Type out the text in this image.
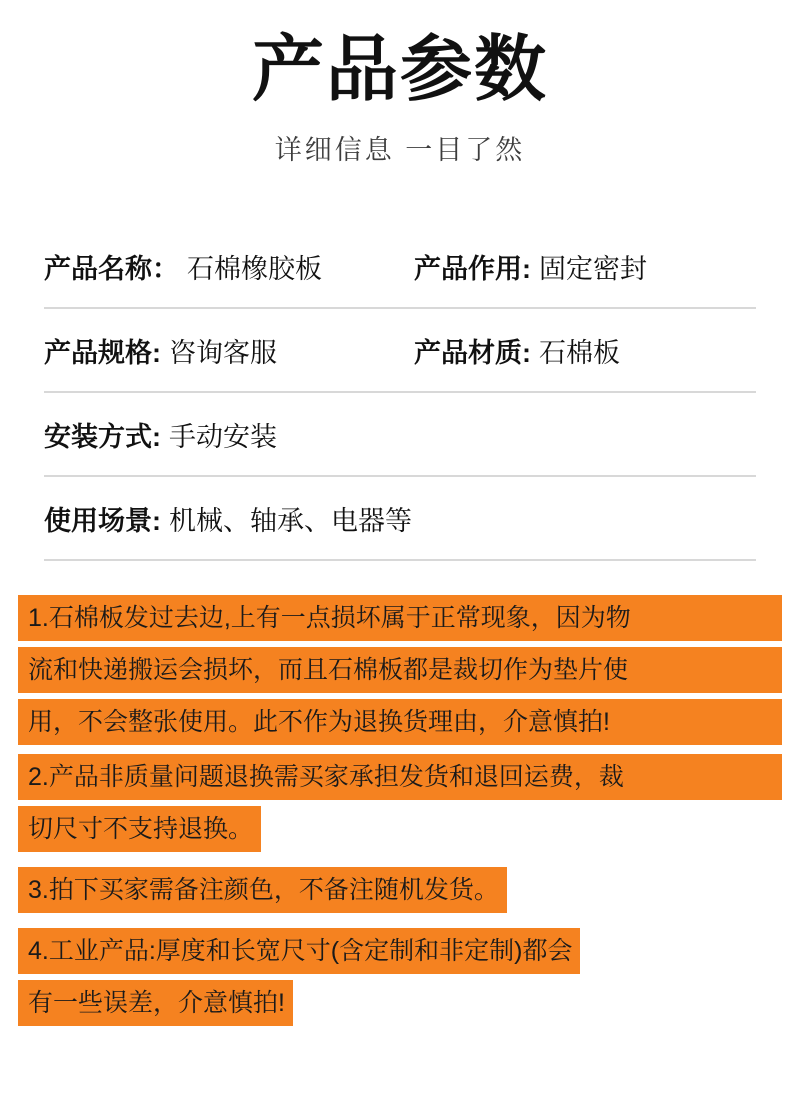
产品参数
详细信息 一目了然
产品名称： 石棉橡胶板	产品作用: 固定密封
产品规格: 咨询客服	产品材质: 石棉板
安装方式: 手动安装
使用场景: 机械、轴承、电器等
1.石棉板发过去边,上有一点损坏属于正常现象，因为物
流和快递搬运会损坏，而且石棉板都是裁切作为垫片使
用，不会整张使用。此不作为退换货理由，介意慎拍!
2.产品非质量问题退换需买家承担发货和退回运费，裁
切尺寸不支持退换。
3.拍下买家需备注颜色，不备注随机发货。
4.工业产品:厚度和长宽尺寸(含定制和非定制)都会 有一些误差，介意慎拍!
